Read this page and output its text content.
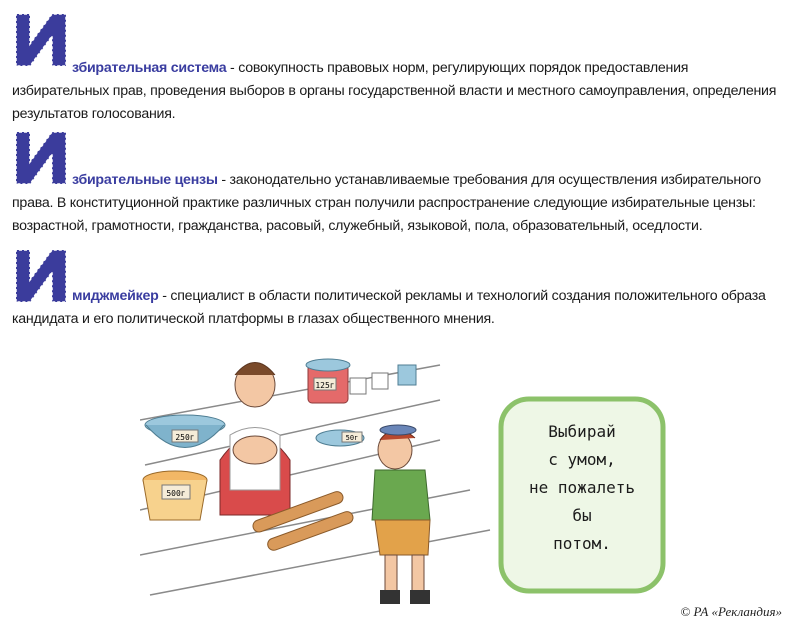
збирательная система - совокупность правовых норм, регулирующих порядок предоставления избирательных прав, проведения выборов в органы государственной власти и местного самоуправления, определения результатов голосования.

збирательные цензы - законодательно устанавливаемые требования для осуществления избирательного права. В конституционной практике различных стран получили распространение следующие избирательные цензы: возрастной, грамотности, гражданства, расовый, служебный, языковой, пола, образовательный, оседлости.

миджмейкер - специалист в области политической рекламы и технологий создания положительного образа кандидата и его политической платформы в глазах общественного мнения.

250г
125г
50г
500г
Выбирай
с умом,
не пожалеть
бы
потом.
© РА «Рекландия»
